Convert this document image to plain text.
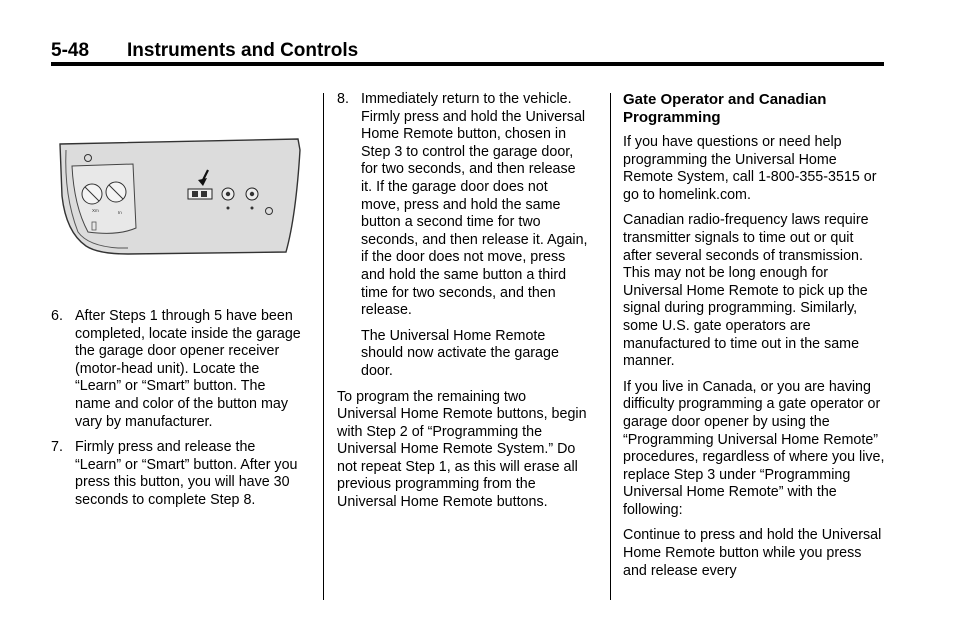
5-48 Instruments and Controls
Xm	In
6. After Steps 1 through 5 have been completed, locate inside the garage the garage door opener receiver (motor-head unit). Locate the “Learn” or “Smart” button. The name and color of the button may vary by manufacturer.
7. Firmly press and release the “Learn” or “Smart” button. After you press this button, you will have 30 seconds to complete Step 8.
8. Immediately return to the vehicle. Firmly press and hold the Universal Home Remote button, chosen in Step 3 to control the garage door, for two seconds, and then release it. If the garage door does not move, press and hold the same button a second time for two seconds, and then release it. Again, if the door does not move, press and hold the same button a third time for two seconds, and then release.

The Universal Home Remote should now activate the garage door.

To program the remaining two Universal Home Remote buttons, begin with Step 2 of “Programming the Universal Home Remote System.” Do not repeat Step 1, as this will erase all previous programming from the Universal Home Remote buttons.

Gate Operator and Canadian Programming

If you have questions or need help programming the Universal Home Remote System, call 1-800-355-3515 or go to homelink.com.

Canadian radio-frequency laws require transmitter signals to time out or quit after several seconds of transmission. This may not be long enough for Universal Home Remote to pick up the signal during programming. Similarly, some U.S. gate operators are manufactured to time out in the same manner.

If you live in Canada, or you are having difficulty programming a gate operator or garage door opener by using the “Programming Universal Home Remote” procedures, regardless of where you live, replace Step 3 under “Programming Universal Home Remote” with the following:

Continue to press and hold the Universal Home Remote button while you press and release every
